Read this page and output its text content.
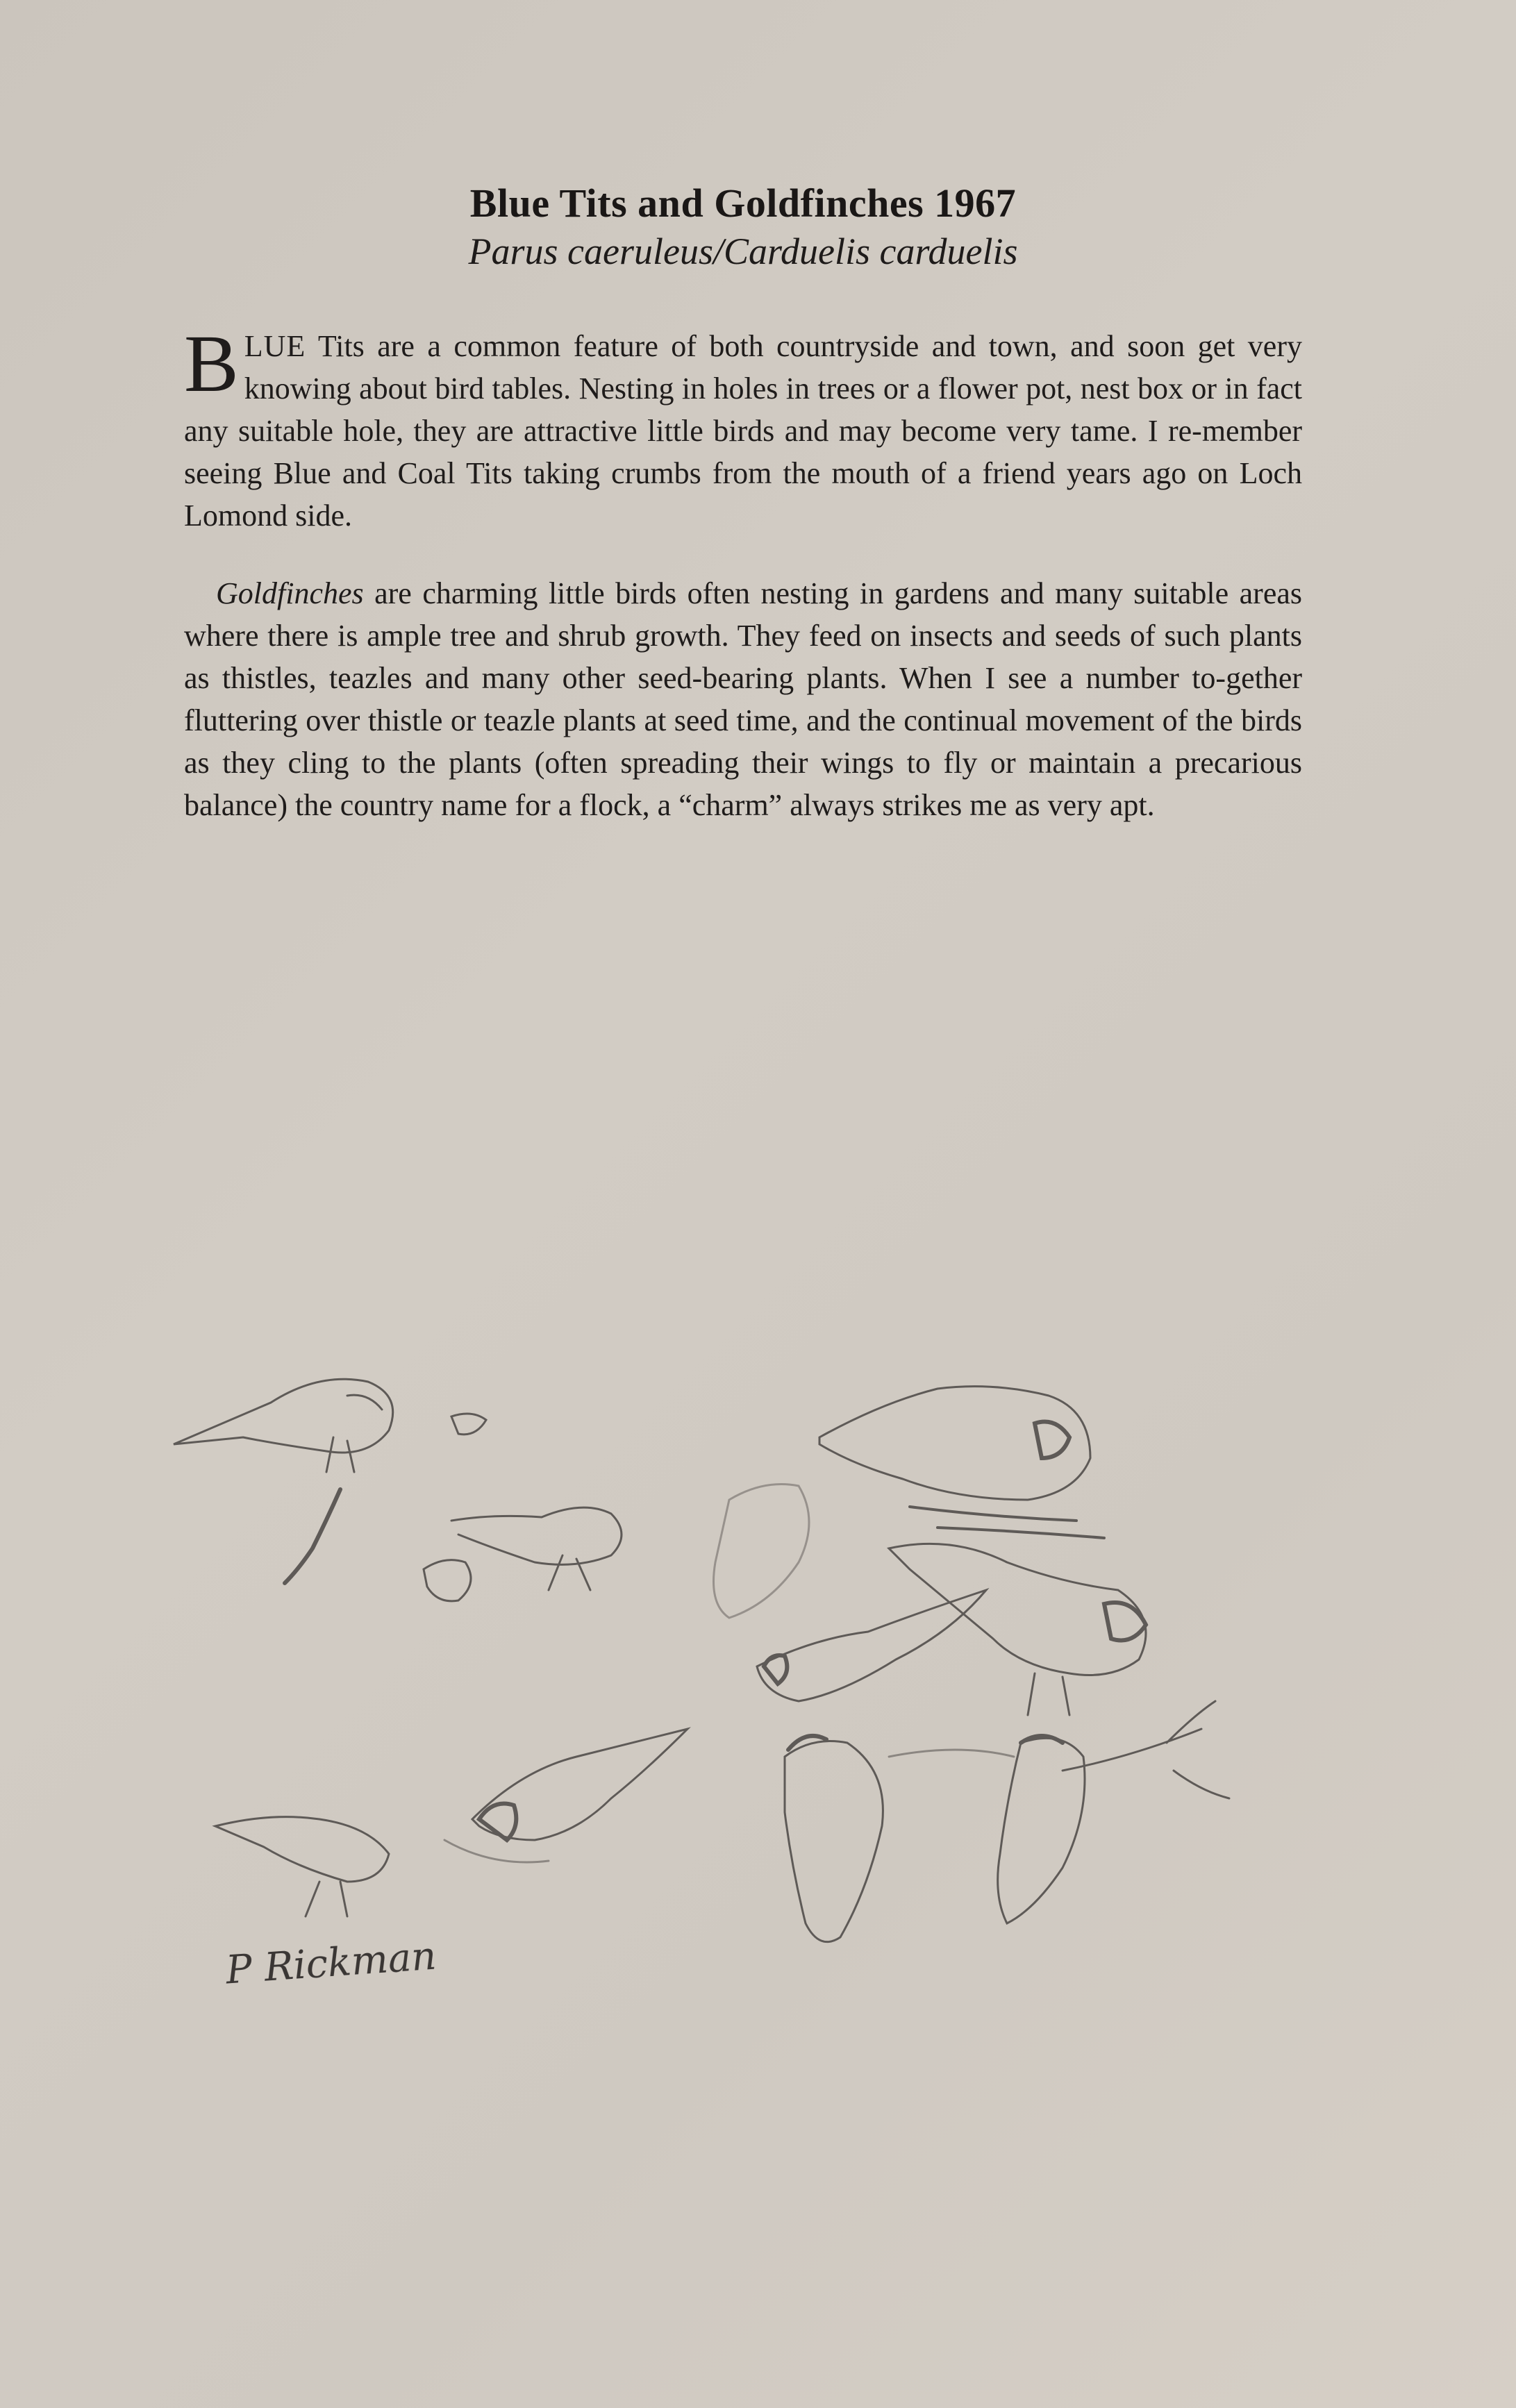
Blue Tits and Goldfinches 1967
Parus caeruleus/Carduelis carduelis
BLUE Tits are a common feature of both countryside and town, and soon get very knowing about bird tables. Nesting in holes in trees or a flower pot, nest box or in fact any suitable hole, they are attractive little birds and may become very tame. I re-member seeing Blue and Coal Tits taking crumbs from the mouth of a friend years ago on Loch Lomond side.
Goldfinches are charming little birds often nesting in gardens and many suitable areas where there is ample tree and shrub growth. They feed on insects and seeds of such plants as thistles, teazles and many other seed-bearing plants. When I see a number to-gether fluttering over thistle or teazle plants at seed time, and the continual movement of the birds as they cling to the plants (often spreading their wings to fly or maintain a precarious balance) the country name for a flock, a “charm” always strikes me as very apt.
P Rickman
